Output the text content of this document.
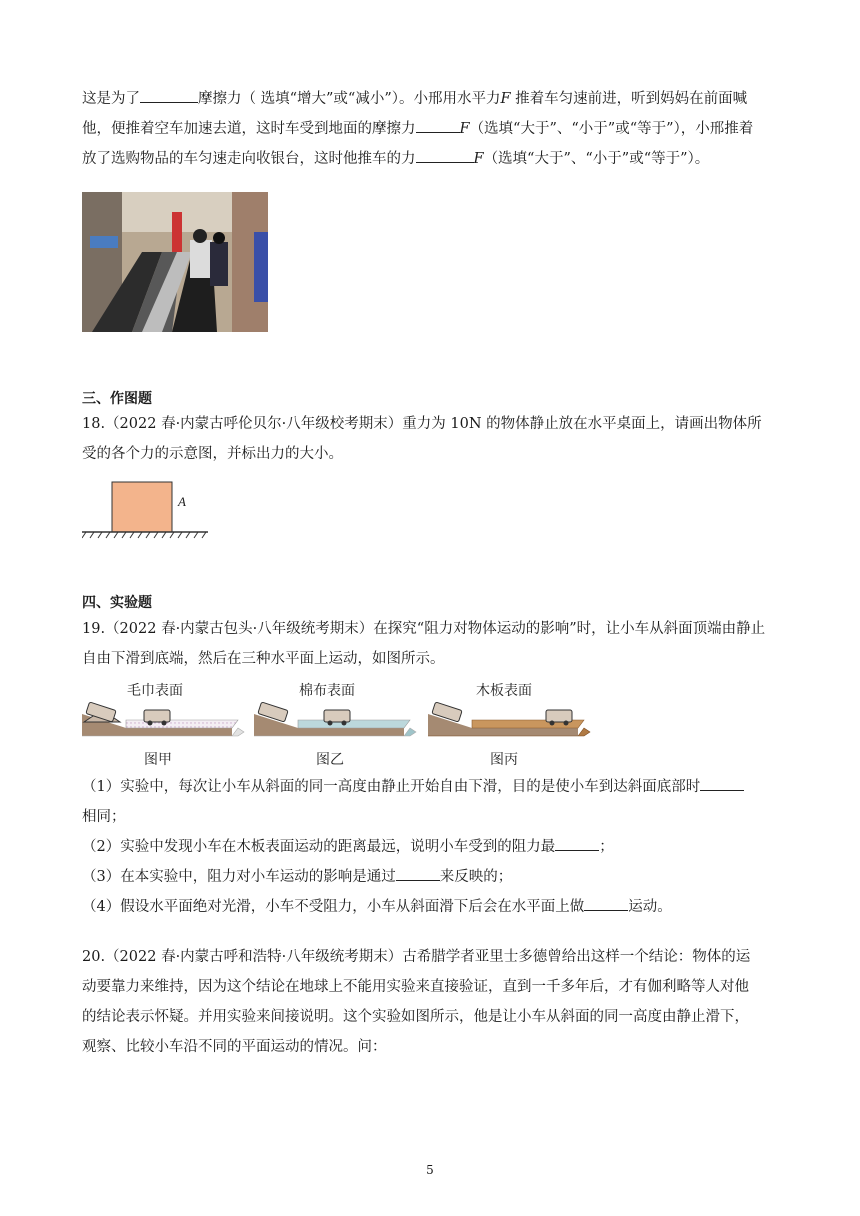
这是为了	摩擦力（ 选填“增大”或“减小”）。小邢用水平力F 推着车匀速前进，听到妈妈在前面喊
他，便推着空车加速去道，这时车受到地面的摩擦力	F（选填“大于”、“小于”或“等于”），小邢推着
放了选购物品的车匀速走向收银台，这时他推车的力	F（选填“大于”、“小于”或“等于”）。
三、作图题
18.（2022 春·内蒙古呼伦贝尔·八年级校考期末）重力为 10N 的物体静止放在水平桌面上，请画出物体所
受的各个力的示意图，并标出力的大小。
A
四、实验题
19.（2022 春·内蒙古包头·八年级统考期末）在探究“阻力对物体运动的影响”时，让小车从斜面顶端由静止
自由下滑到底端，然后在三种水平面上运动，如图所示。
毛巾表面
图甲
棉布表面
图乙
木板表面
图丙
（1）实验中，每次让小车从斜面的同一高度由静止开始自由下滑，目的是使小车到达斜面底部时
相同；
（2）实验中发现小车在木板表面运动的距离最远，说明小车受到的阻力最	；
（3）在本实验中，阻力对小车运动的影响是通过	来反映的；
（4）假设水平面绝对光滑，小车不受阻力，小车从斜面滑下后会在水平面上做	运动。
20.（2022 春·内蒙古呼和浩特·八年级统考期末）古希腊学者亚里士多德曾给出这样一个结论：物体的运
动要靠力来维持，因为这个结论在地球上不能用实验来直接验证，直到一千多年后，才有伽利略等人对他
的结论表示怀疑。并用实验来间接说明。这个实验如图所示，他是让小车从斜面的同一高度由静止滑下，
观察、比较小车沿不同的平面运动的情况。问：
5
